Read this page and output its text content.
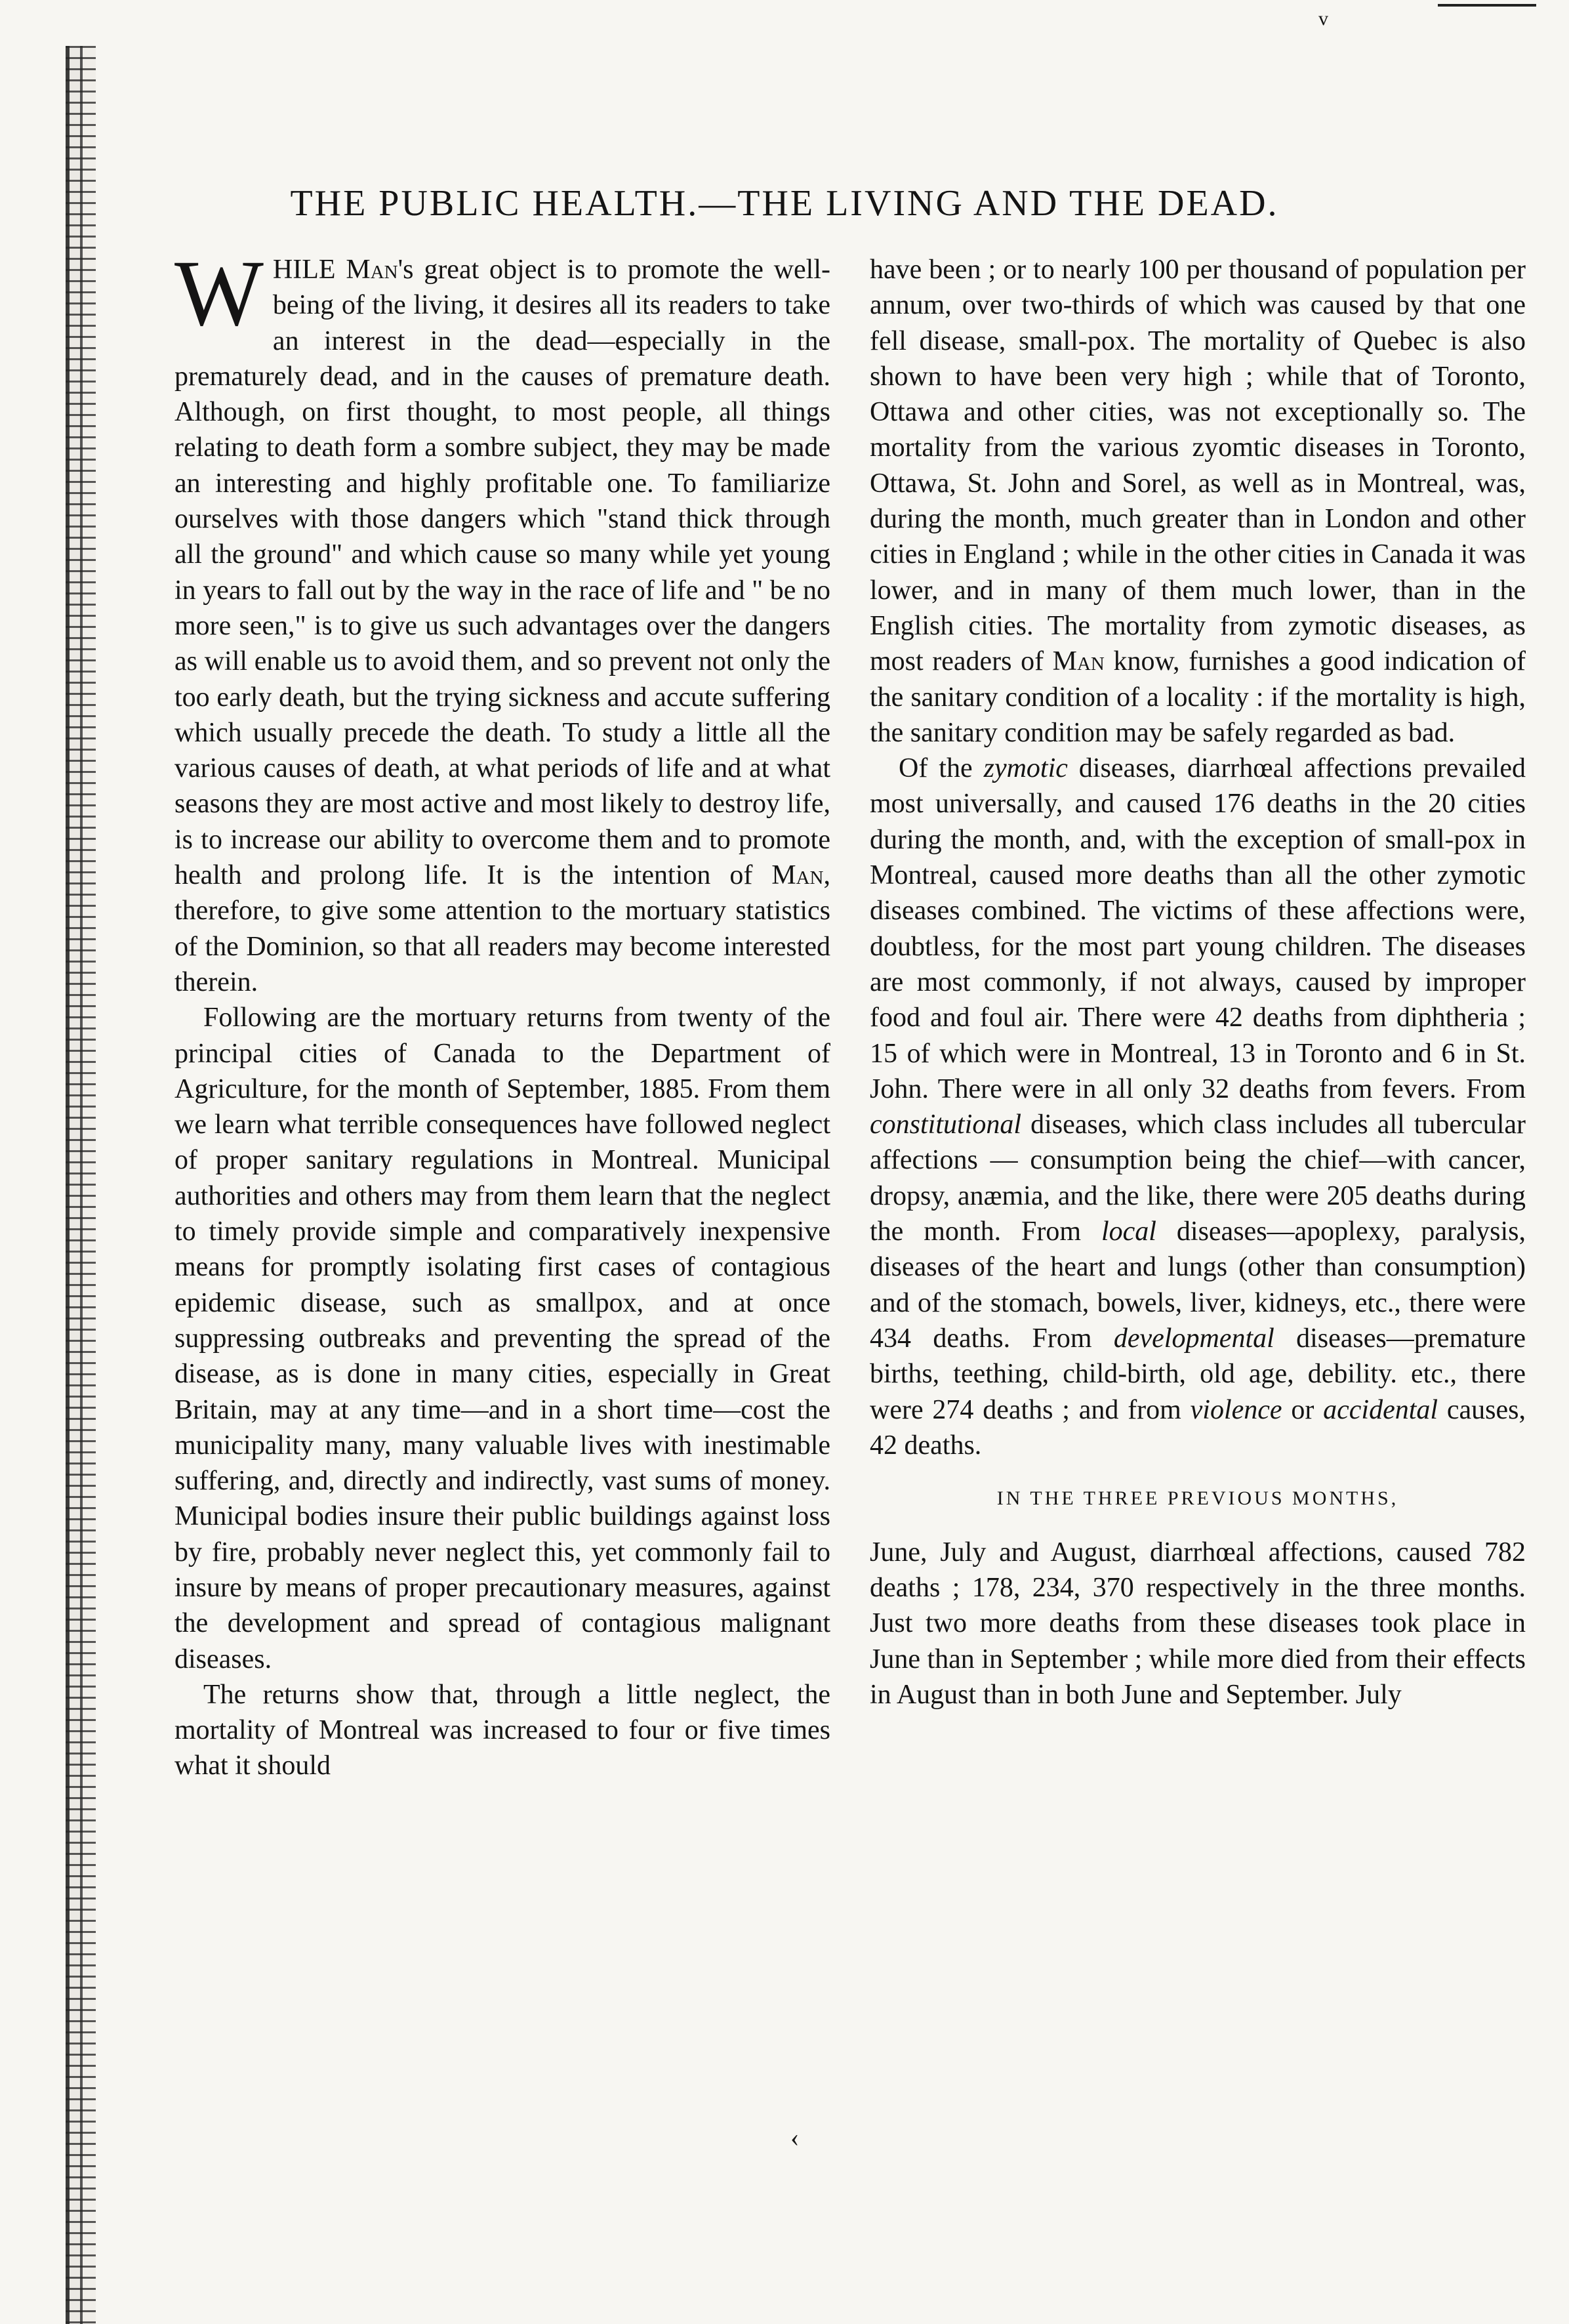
v
‹
THE PUBLIC HEALTH.—THE LIVING AND THE DEAD.

WHILE Man's great object is to promote the well-being of the living, it desires all its readers to take an interest in the dead—especially in the prematurely dead, and in the causes of premature death. Although, on first thought, to most people, all things relating to death form a sombre subject, they may be made an interesting and highly profitable one. To familiarize ourselves with those dangers which "stand thick through all the ground" and which cause so many while yet young in years to fall out by the way in the race of life and " be no more seen," is to give us such advantages over the dangers as will enable us to avoid them, and so prevent not only the too early death, but the trying sickness and accute suffering which usually precede the death. To study a little all the various causes of death, at what periods of life and at what seasons they are most active and most likely to destroy life, is to increase our ability to overcome them and to promote health and prolong life. It is the intention of Man, therefore, to give some attention to the mortuary statistics of the Dominion, so that all readers may become interested therein.

Following are the mortuary returns from twenty of the principal cities of Canada to the Department of Agriculture, for the month of September, 1885. From them we learn what terrible consequences have followed neglect of proper sanitary regulations in Montreal. Municipal authorities and others may from them learn that the neglect to timely provide simple and comparatively inexpensive means for promptly isolating first cases of contagious epidemic disease, such as smallpox, and at once suppressing outbreaks and preventing the spread of the disease, as is done in many cities, especially in Great Britain, may at any time—and in a short time—cost the municipality many, many valuable lives with inestimable suffering, and, directly and indirectly, vast sums of money. Municipal bodies insure their public buildings against loss by fire, probably never neglect this, yet commonly fail to insure by means of proper precautionary measures, against the development and spread of contagious malignant diseases.

The returns show that, through a little neglect, the mortality of Montreal was increased to four or five times what it should

have been ; or to nearly 100 per thousand of population per annum, over two-thirds of which was caused by that one fell disease, small-pox. The mortality of Quebec is also shown to have been very high ; while that of Toronto, Ottawa and other cities, was not exceptionally so. The mortality from the various zyomtic diseases in Toronto, Ottawa, St. John and Sorel, as well as in Montreal, was, during the month, much greater than in London and other cities in England ; while in the other cities in Canada it was lower, and in many of them much lower, than in the English cities. The mortality from zymotic diseases, as most readers of Man know, furnishes a good indication of the sanitary condition of a locality : if the mortality is high, the sanitary condition may be safely regarded as bad.

Of the zymotic diseases, diarrhœal affections prevailed most universally, and caused 176 deaths in the 20 cities during the month, and, with the exception of small-pox in Montreal, caused more deaths than all the other zymotic diseases combined. The victims of these affections were, doubtless, for the most part young children. The diseases are most commonly, if not always, caused by improper food and foul air. There were 42 deaths from diphtheria ; 15 of which were in Montreal, 13 in Toronto and 6 in St. John. There were in all only 32 deaths from fevers. From constitutional diseases, which class includes all tubercular affections — consumption being the chief—with cancer, dropsy, anæmia, and the like, there were 205 deaths during the month. From local diseases—apoplexy, paralysis, diseases of the heart and lungs (other than consumption) and of the stomach, bowels, liver, kidneys, etc., there were 434 deaths. From developmental diseases—premature births, teething, child-birth, old age, debility. etc., there were 274 deaths ; and from violence or accidental causes, 42 deaths.

IN THE THREE PREVIOUS MONTHS,

June, July and August, diarrhœal affections, caused 782 deaths ; 178, 234, 370 respectively in the three months. Just two more deaths from these diseases took place in June than in September ; while more died from their effects in August than in both June and September. July
